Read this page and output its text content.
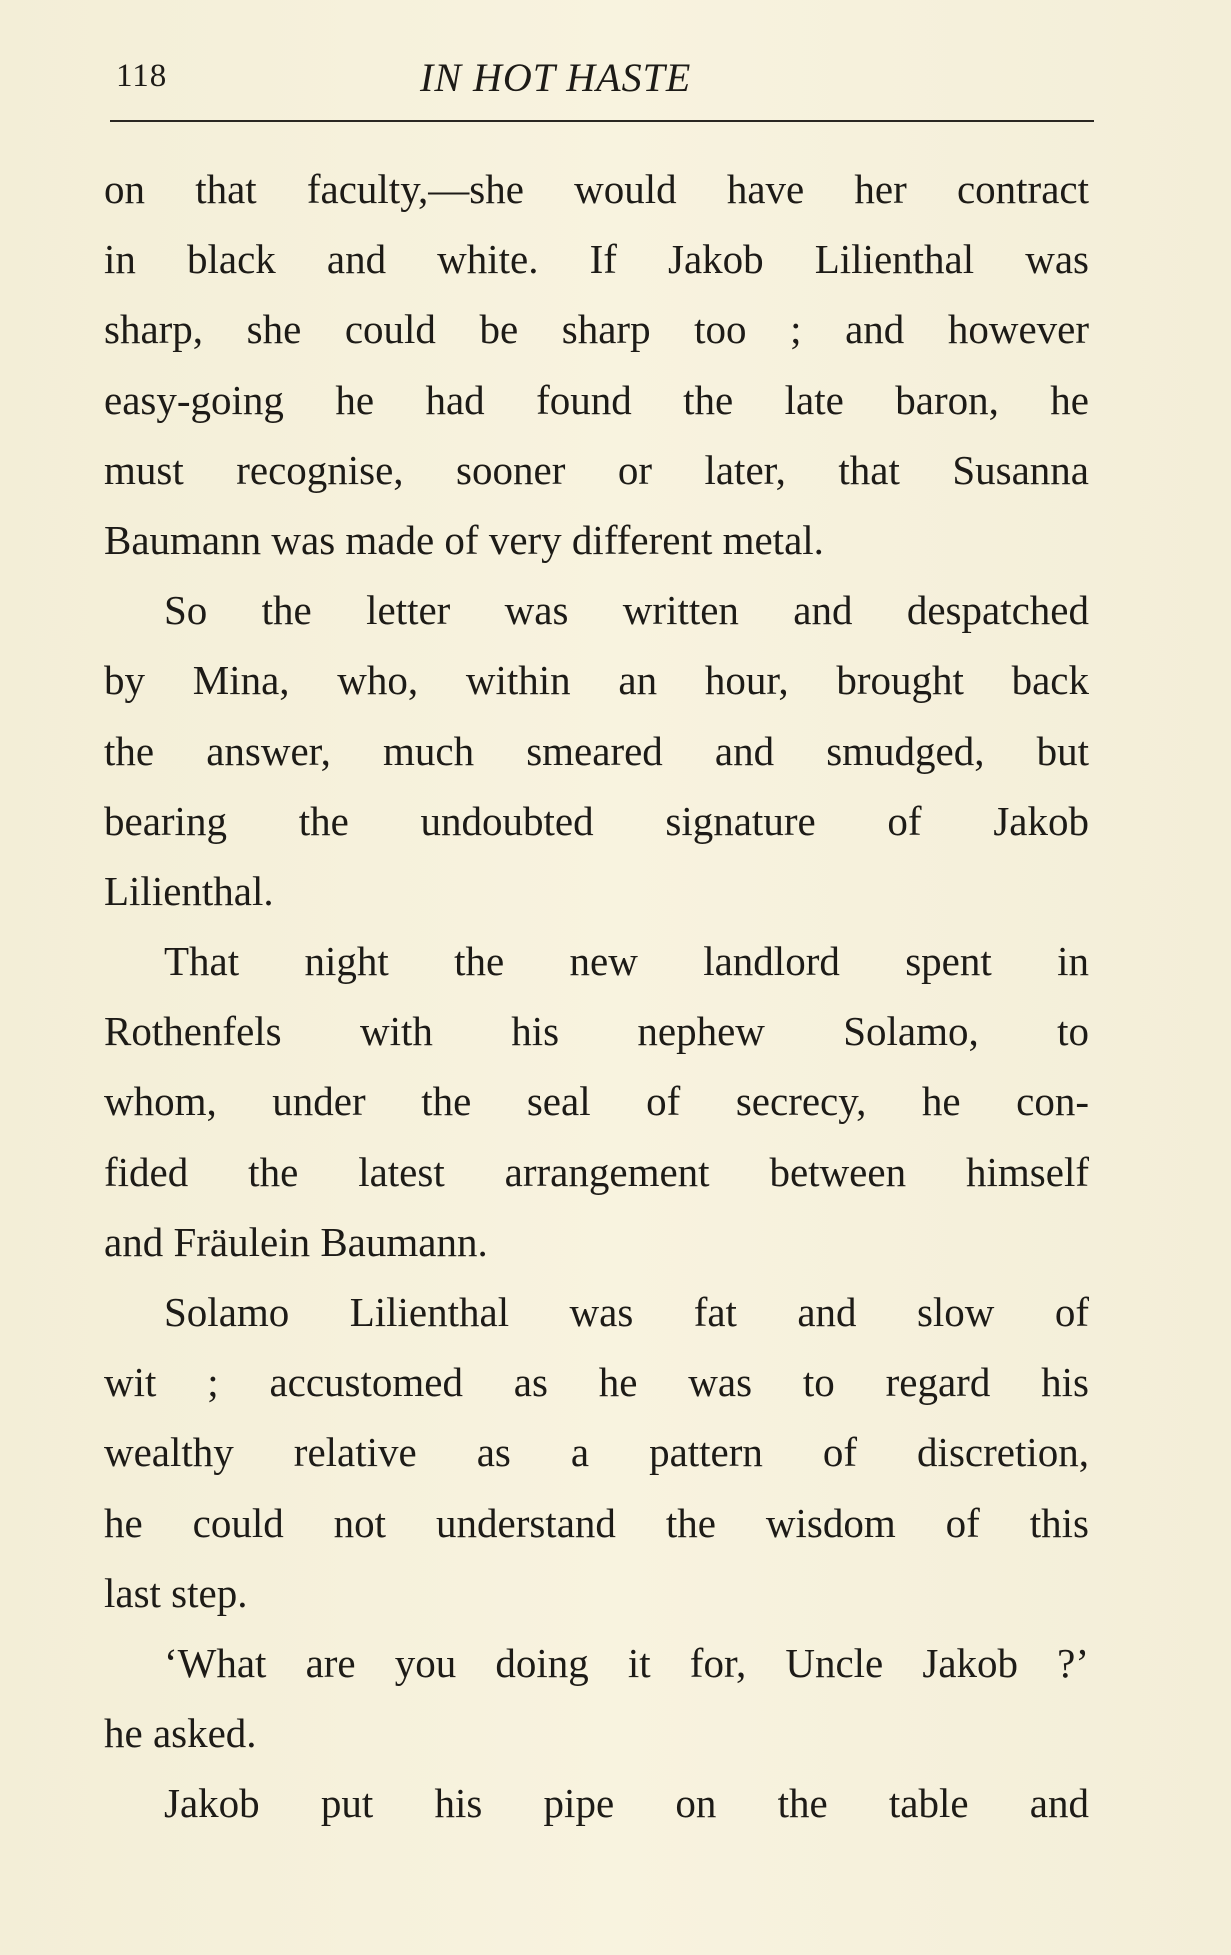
118	IN HOT HASTE
on that faculty,—she would have her contract
in black and white. If Jakob Lilienthal was
sharp, she could be sharp too ; and however
easy-going he had found the late baron, he
must recognise, sooner or later, that Susanna
Baumann was made of very different metal.
So the letter was written and despatched
by Mina, who, within an hour, brought back
the answer, much smeared and smudged, but
bearing the undoubted signature of Jakob
Lilienthal.
That night the new landlord spent in
Rothenfels with his nephew Solamo, to
whom, under the seal of secrecy, he con-
fided the latest arrangement between himself
and Fräulein Baumann.
Solamo Lilienthal was fat and slow of
wit ; accustomed as he was to regard his
wealthy relative as a pattern of discretion,
he could not understand the wisdom of this
last step.
‘What are you doing it for, Uncle Jakob ?’
he asked.
Jakob put his pipe on the table and
